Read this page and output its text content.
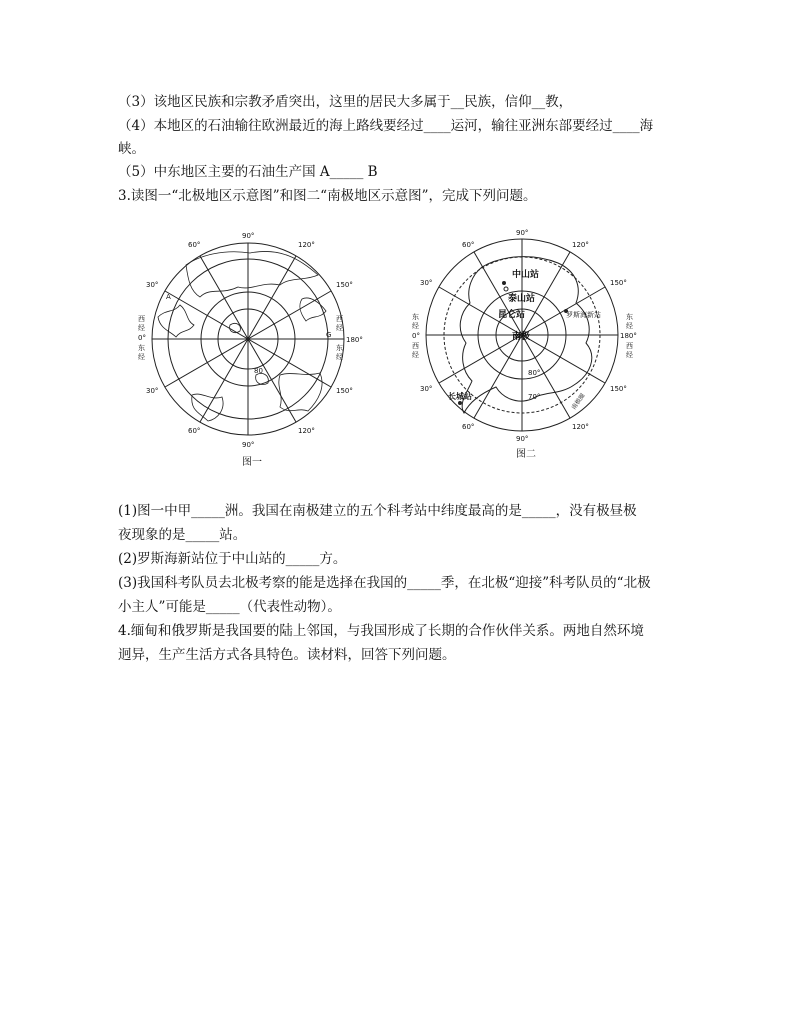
（3）该地区民族和宗教矛盾突出，这里的居民大多属于__民族，信仰__教，
（4）本地区的石油输往欧洲最近的海上路线要经过____运河，输往亚洲东部要经过____海
峡。
（5）中东地区主要的石油生产国 A_____ B
3.读图一“北极地区示意图”和图二“南极地区示意图”，完成下列问题。
90°
60°	120°
30°	150°
90°
60°
30°	150°
120°
180°
西
经
0°
东
经
西
经
东
经
A
G
80
图一
90°
60°	120°
30°	150°
90°
60°
30°	150°
120°
180°
东
经
0°
西
经
东
经
西
经
80°
70°
中山站
泰山站
昆仑站
南极
罗斯海新站
长城站	南极圈
图二
(1)图一中甲_____洲。我国在南极建立的五个科考站中纬度最高的是_____，没有极昼极
夜现象的是_____站。
(2)罗斯海新站位于中山站的_____方。
(3)我国科考队员去北极考察的能是选择在我国的_____季，在北极“迎接”科考队员的“北极
小主人”可能是_____（代表性动物）。
4.缅甸和俄罗斯是我国要的陆上邻国，与我国形成了长期的合作伙伴关系。两地自然环境
迥异，生产生活方式各具特色。读材料，回答下列问题。
